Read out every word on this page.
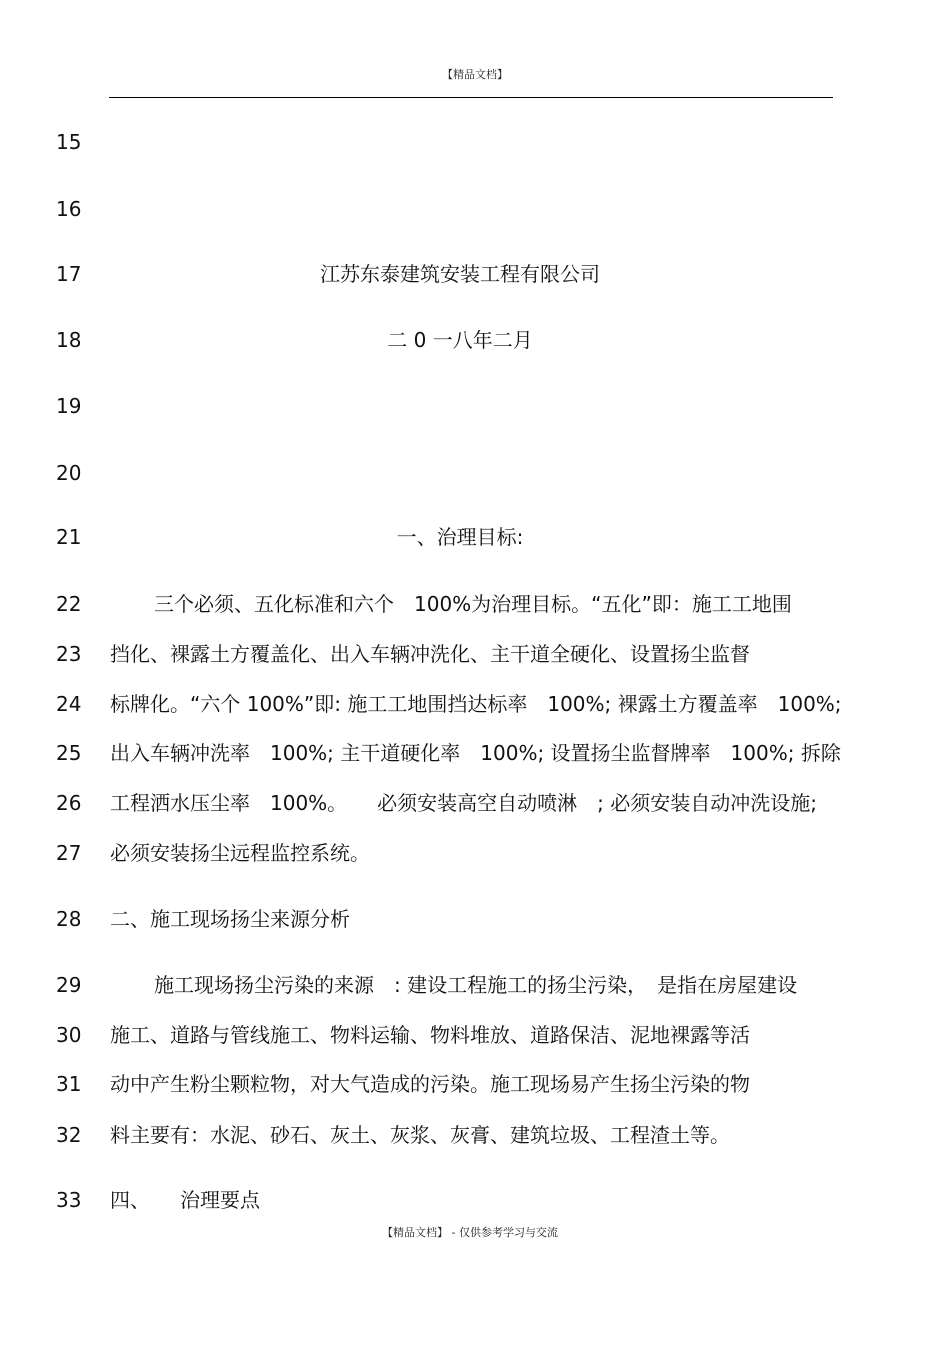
【精品文档】
15
16
17	江苏东泰建筑安装工程有限公司
18	二 0 一八年二月
19
20
21	一、治理目标:
22	三个必须、五化标准和六个　100%为治理目标。“五化”即：施工工地围
23	挡化、裸露土方覆盖化、出入车辆冲洗化、主干道全硬化、设置扬尘监督
24	标牌化。“六个 100%”即: 施工工地围挡达标率　100%; 裸露土方覆盖率　100%;
25	出入车辆冲洗率　100%; 主干道硬化率　100%; 设置扬尘监督牌率　100%; 拆除
26	工程洒水压尘率　100%。　　必须安装高空自动喷淋　; 必须安装自动冲洗设施;
27	必须安装扬尘远程监控系统。
28	二、施工现场扬尘来源分析
29	施工现场扬尘污染的来源　: 建设工程施工的扬尘污染，　是指在房屋建设
30	施工、道路与管线施工、物料运输、物料堆放、道路保洁、泥地裸露等活
31	动中产生粉尘颗粒物，对大气造成的污染。施工现场易产生扬尘污染的物
32	料主要有：水泥、砂石、灰土、灰浆、灰膏、建筑垃圾、工程渣土等。
33	四、　　治理要点
【精品文档】 - 仅供参考学习与交流
